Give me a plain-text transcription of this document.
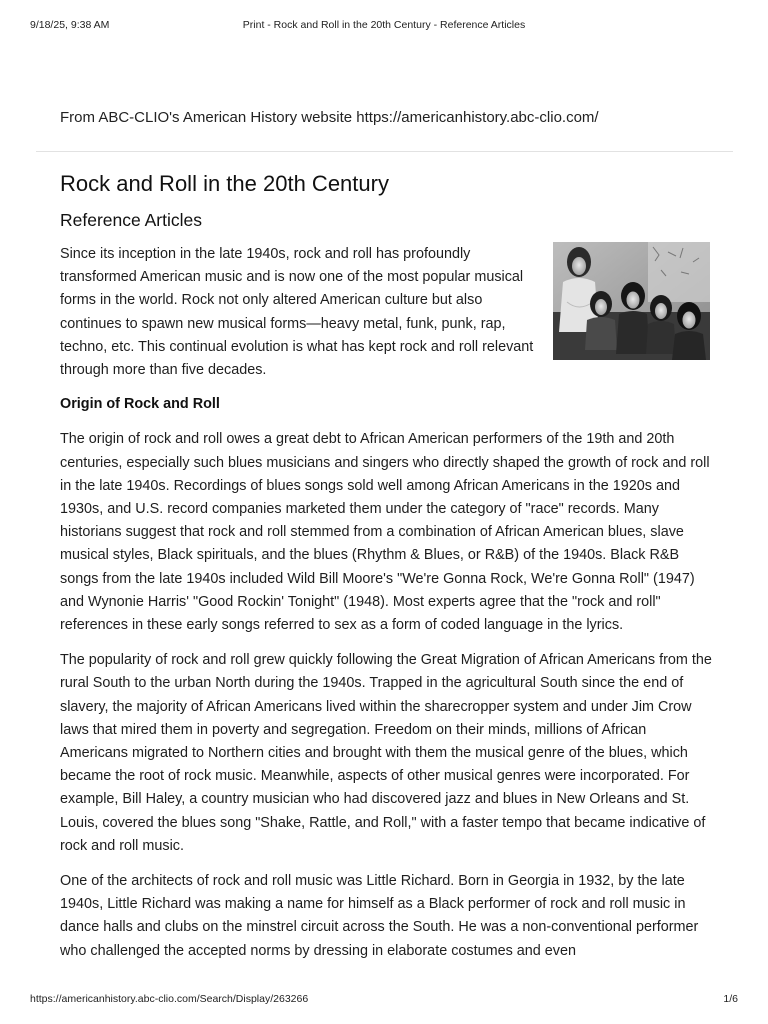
9/18/25, 9:38 AM	Print - Rock and Roll in the 20th Century - Reference Articles
From ABC-CLIO's American History website https://americanhistory.abc-clio.com/
Rock and Roll in the 20th Century
Reference Articles

Since its inception in the late 1940s, rock and roll has profoundly transformed American music and is now one of the most popular musical forms in the world. Rock not only altered American culture but also continues to spawn new musical forms—heavy metal, funk, punk, rap, techno, etc. This continual evolution is what has kept rock and roll relevant through more than five decades.

Origin of Rock and Roll

The origin of rock and roll owes a great debt to African American performers of the 19th and 20th centuries, especially such blues musicians and singers who directly shaped the growth of rock and roll in the late 1940s. Recordings of blues songs sold well among African Americans in the 1920s and 1930s, and U.S. record companies marketed them under the category of "race" records. Many historians suggest that rock and roll stemmed from a combination of African American blues, slave musical styles, Black spirituals, and the blues (Rhythm & Blues, or R&B) of the 1940s. Black R&B songs from the late 1940s included Wild Bill Moore's "We're Gonna Rock, We're Gonna Roll" (1947) and Wynonie Harris' "Good Rockin' Tonight" (1948). Most experts agree that the "rock and roll" references in these early songs referred to sex as a form of coded language in the lyrics.

The popularity of rock and roll grew quickly following the Great Migration of African Americans from the rural South to the urban North during the 1940s. Trapped in the agricultural South since the end of slavery, the majority of African Americans lived within the sharecropper system and under Jim Crow laws that mired them in poverty and segregation. Freedom on their minds, millions of African Americans migrated to Northern cities and brought with them the musical genre of the blues, which became the root of rock music. Meanwhile, aspects of other musical genres were incorporated. For example, Bill Haley, a country musician who had discovered jazz and blues in New Orleans and St. Louis, covered the blues song "Shake, Rattle, and Roll," with a faster tempo that became indicative of rock and roll music.

One of the architects of rock and roll music was Little Richard. Born in Georgia in 1932, by the late 1940s, Little Richard was making a name for himself as a Black performer of rock and roll music in dance halls and clubs on the minstrel circuit across the South. He was a non-conventional performer who challenged the accepted norms by dressing in elaborate costumes and even

https://americanhistory.abc-clio.com/Search/Display/263266	1/6
